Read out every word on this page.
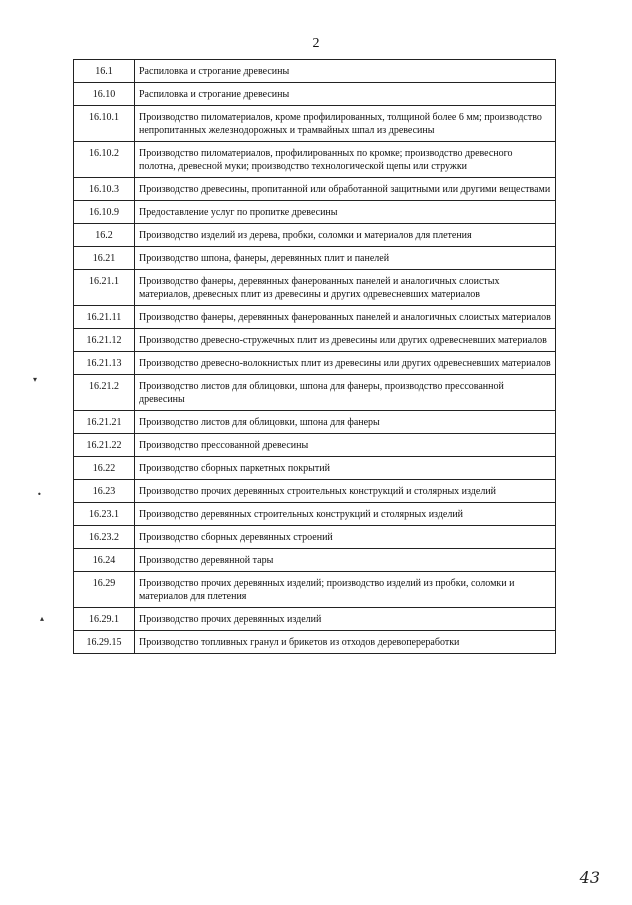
2
16.1	Распиловка и строгание древесины
16.10	Распиловка и строгание древесины
16.10.1	Производство пиломатериалов, кроме профилированных, толщиной более 6 мм; производство непропитанных железнодорожных и трамвайных шпал из древесины
16.10.2	Производство пиломатериалов, профилированных по кромке; производство древесного полотна, древесной муки; производство технологической щепы или стружки
16.10.3	Производство древесины, пропитанной или обработанной защитными или другими веществами
16.10.9	Предоставление услуг по пропитке древесины
16.2	Производство изделий из дерева, пробки, соломки и материалов для плетения
16.21	Производство шпона, фанеры, деревянных плит и панелей
16.21.1	Производство фанеры, деревянных фанерованных панелей и аналогичных слоистых материалов, древесных плит из древесины и других одревесневших материалов
16.21.11	Производство фанеры, деревянных фанерованных панелей и аналогичных слоистых материалов
16.21.12	Производство древесно-стружечных плит из древесины или других одревесневших материалов
16.21.13	Производство древесно-волокнистых плит из древесины или других одревесневших материалов
16.21.2	Производство листов для облицовки, шпона для фанеры, производство прессованной древесины
16.21.21	Производство листов для облицовки, шпона для фанеры
16.21.22	Производство прессованной древесины
16.22	Производство сборных паркетных покрытий
16.23	Производство прочих деревянных строительных конструкций и столярных изделий
16.23.1	Производство деревянных строительных конструкций и столярных изделий
16.23.2	Производство сборных деревянных строений
16.24	Производство деревянной тары
16.29	Производство прочих деревянных изделий; производство изделий из пробки, соломки и материалов для плетения
16.29.1	Производство прочих деревянных изделий
16.29.15	Производство топливных гранул и брикетов из отходов деревопереработки
▾
•
▴
43
